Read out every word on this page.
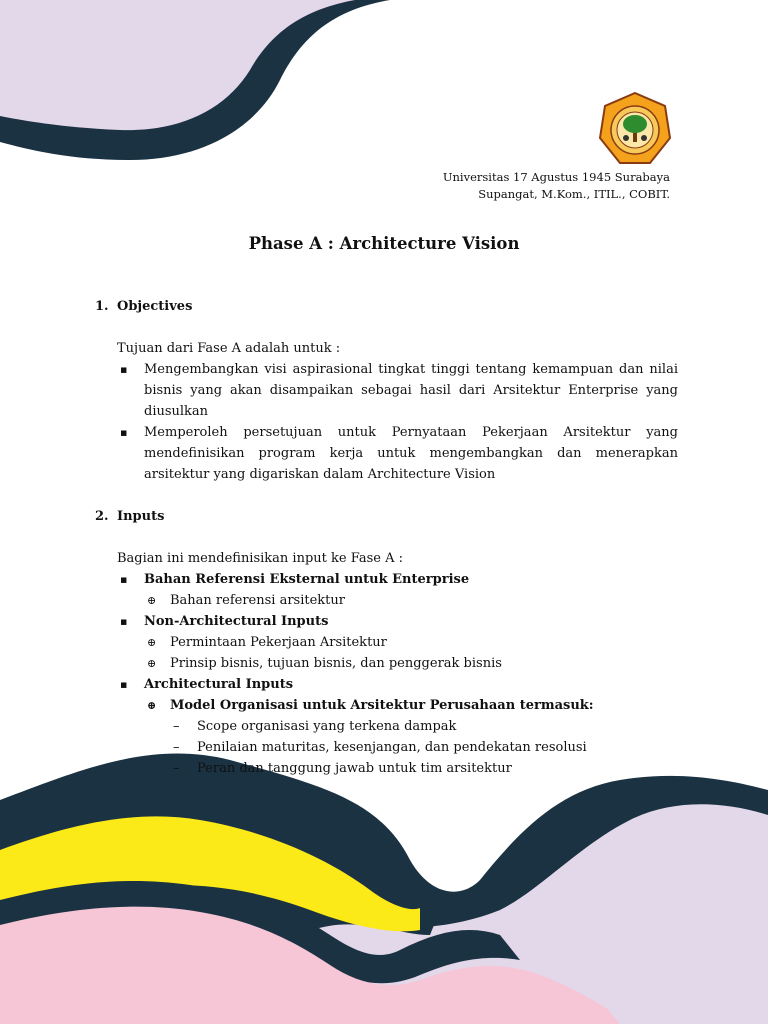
Universitas 17 Agustus 1945 Surabaya
Supangat, M.Kom., ITIL., COBIT.
Phase A : Architecture Vision
1. Objectives
Tujuan dari Fase A adalah untuk :
▪ Mengembangkan visi aspirasional tingkat tinggi tentang kemampuan dan nilai bisnis yang akan disampaikan sebagai hasil dari Arsitektur Enterprise yang diusulkan
▪ Memperoleh persetujuan untuk Pernyataan Pekerjaan Arsitektur yang mendefinisikan program kerja untuk mengembangkan dan menerapkan arsitektur yang digariskan dalam Architecture Vision
2. Inputs
Bagian ini mendefinisikan input ke Fase A :
▪ Bahan Referensi Eksternal untuk Enterprise
⊕ Bahan referensi arsitektur
▪ Non-Architectural Inputs
⊕ Permintaan Pekerjaan Arsitektur
⊕ Prinsip bisnis, tujuan bisnis, dan penggerak bisnis
▪ Architectural Inputs
⊕ Model Organisasi untuk Arsitektur Perusahaan termasuk:
– Scope organisasi yang terkena dampak
– Penilaian maturitas, kesenjangan, dan pendekatan resolusi
– Peran dan tanggung jawab untuk tim arsitektur
